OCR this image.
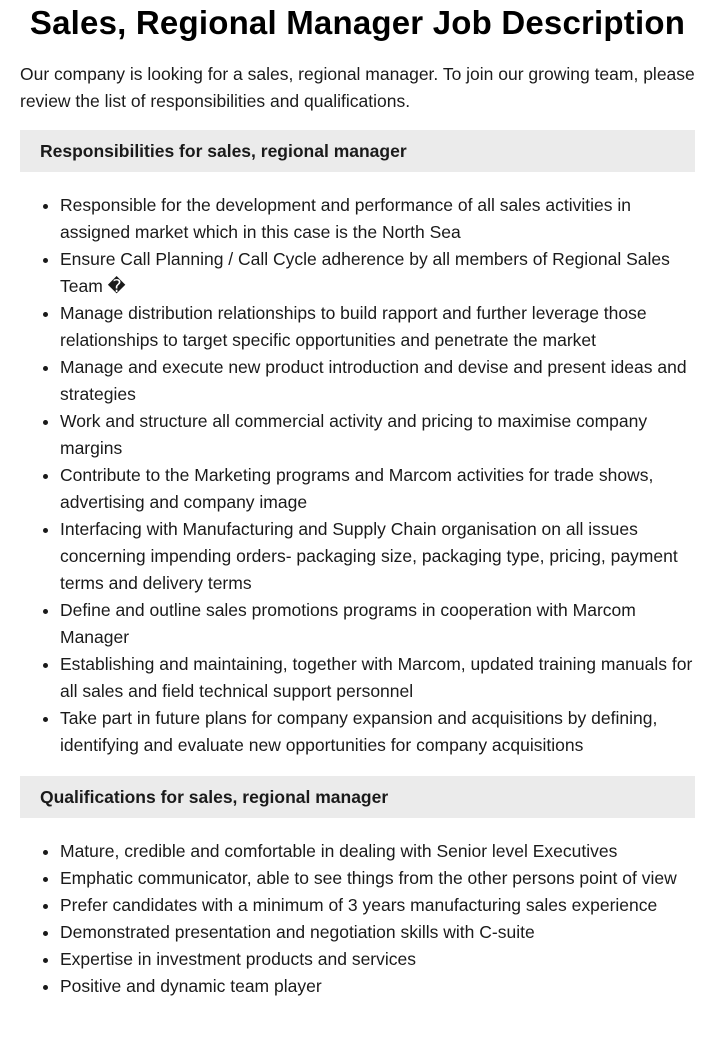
Sales, Regional Manager Job Description

Our company is looking for a sales, regional manager. To join our growing team, please review the list of responsibilities and qualifications.

Responsibilities for sales, regional manager
• Responsible for the development and performance of all sales activities in assigned market which in this case is the North Sea
• Ensure Call Planning / Call Cycle adherence by all members of Regional Sales Team �
• Manage distribution relationships to build rapport and further leverage those relationships to target specific opportunities and penetrate the market
• Manage and execute new product introduction and devise and present ideas and strategies
• Work and structure all commercial activity and pricing to maximise company margins
• Contribute to the Marketing programs and Marcom activities for trade shows, advertising and company image
• Interfacing with Manufacturing and Supply Chain organisation on all issues concerning impending orders- packaging size, packaging type, pricing, payment terms and delivery terms
• Define and outline sales promotions programs in cooperation with Marcom Manager
• Establishing and maintaining, together with Marcom, updated training manuals for all sales and field technical support personnel
• Take part in future plans for company expansion and acquisitions by defining, identifying and evaluate new opportunities for company acquisitions
Qualifications for sales, regional manager
• Mature, credible and comfortable in dealing with Senior level Executives
• Emphatic communicator, able to see things from the other persons point of view
• Prefer candidates with a minimum of 3 years manufacturing sales experience
• Demonstrated presentation and negotiation skills with C-suite
• Expertise in investment products and services
• Positive and dynamic team player
